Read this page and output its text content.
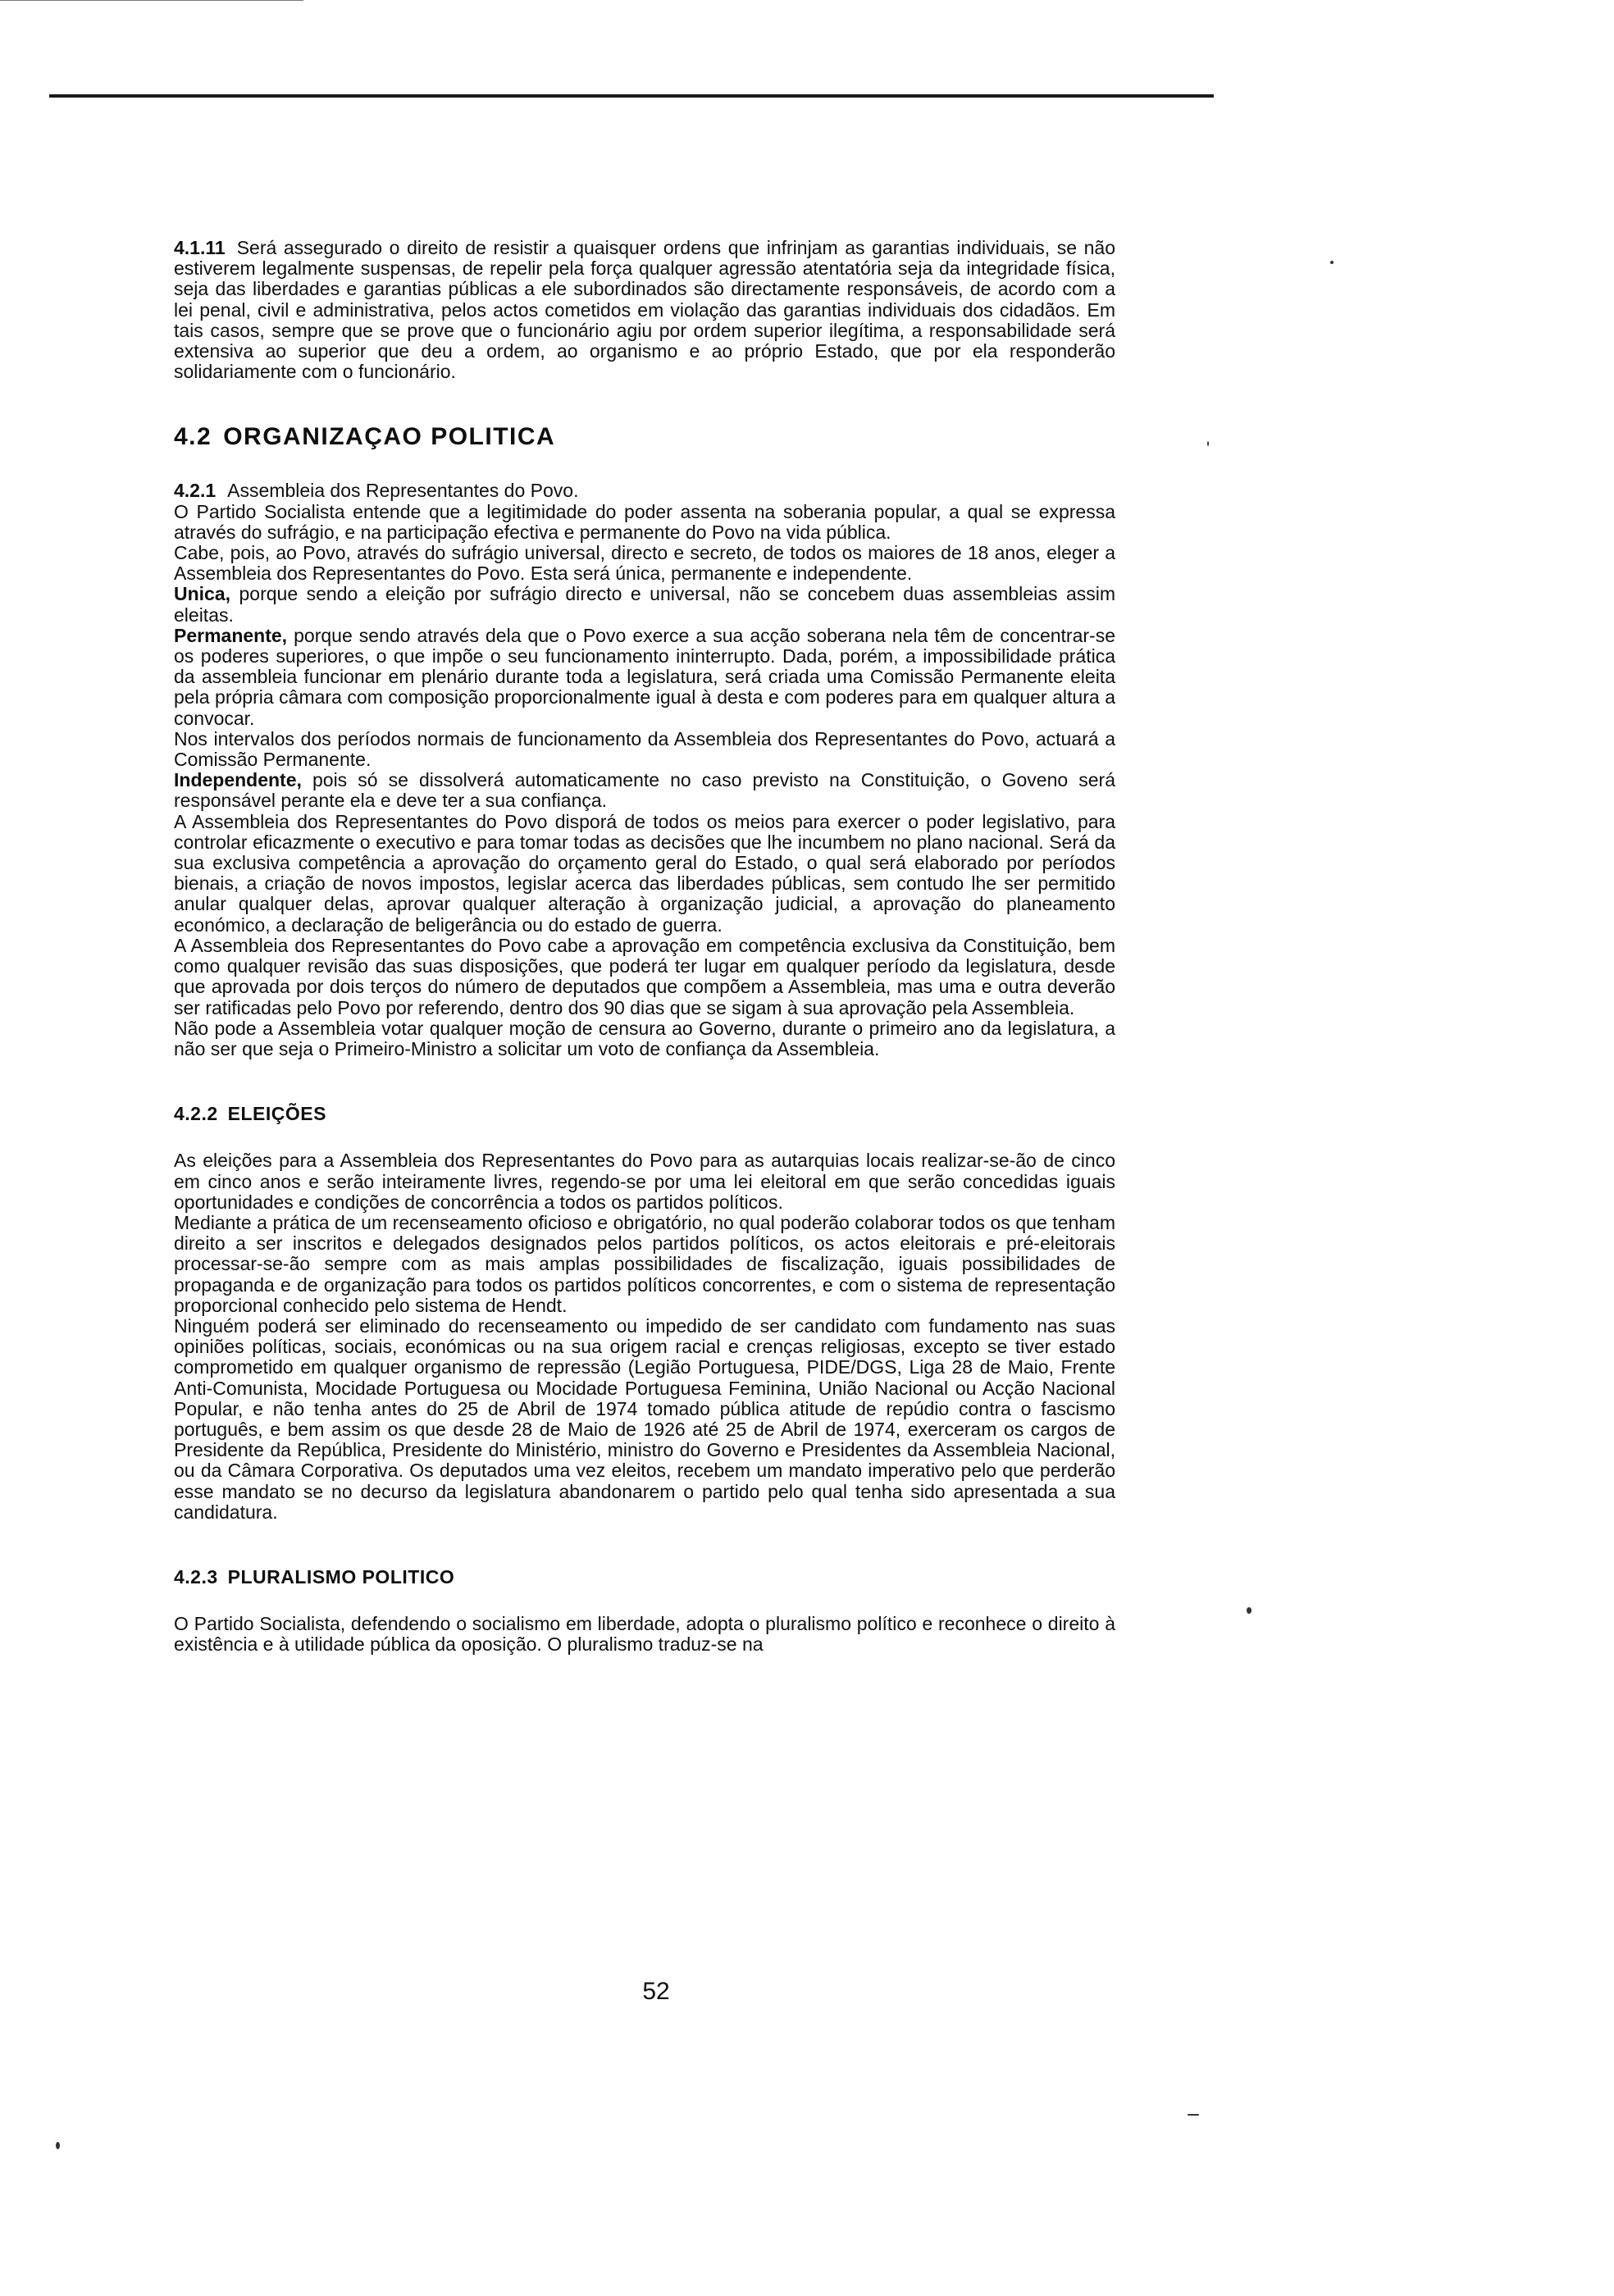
4.1.11 Será assegurado o direito de resistir a quaisquer ordens que infrinjam as garantias individuais, se não estiverem legalmente suspensas, de repelir pela força qualquer agressão atentatória seja da integridade física, seja das liberdades e garantias públicas a ele subordinados são directamente responsáveis, de acordo com a lei penal, civil e administrativa, pelos actos cometidos em violação das garantias individuais dos cidadãos. Em tais casos, sempre que se prove que o funcionário agiu por ordem superior ilegítima, a responsabilidade será extensiva ao superior que deu a ordem, ao organismo e ao próprio Estado, que por ela responderão solidariamente com o funcionário.

4.2 ORGANIZAÇAO POLITICA

4.2.1 Assembleia dos Representantes do Povo.

O Partido Socialista entende que a legitimidade do poder assenta na soberania popular, a qual se expressa através do sufrágio, e na participação efectiva e permanente do Povo na vida pública.

Cabe, pois, ao Povo, através do sufrágio universal, directo e secreto, de todos os maiores de 18 anos, eleger a Assembleia dos Representantes do Povo. Esta será única, permanente e independente.

Unica, porque sendo a eleição por sufrágio directo e universal, não se concebem duas assembleias assim eleitas.

Permanente, porque sendo através dela que o Povo exerce a sua acção soberana nela têm de concentrar-se os poderes superiores, o que impõe o seu funcionamento ininterrupto. Dada, porém, a impossibilidade prática da assembleia funcionar em plenário durante toda a legislatura, será criada uma Comissão Permanente eleita pela própria câmara com composição proporcionalmente igual à desta e com poderes para em qualquer altura a convocar.

Nos intervalos dos períodos normais de funcionamento da Assembleia dos Representantes do Povo, actuará a Comissão Permanente.

Independente, pois só se dissolverá automaticamente no caso previsto na Constituição, o Goveno será responsável perante ela e deve ter a sua confiança.

A Assembleia dos Representantes do Povo disporá de todos os meios para exercer o poder legislativo, para controlar eficazmente o executivo e para tomar todas as decisões que lhe incumbem no plano nacional. Será da sua exclusiva competência a aprovação do orçamento geral do Estado, o qual será elaborado por períodos bienais, a criação de novos impostos, legislar acerca das liberdades públicas, sem contudo lhe ser permitido anular qualquer delas, aprovar qualquer alteração à organização judicial, a aprovação do planeamento económico, a declaração de beligerância ou do estado de guerra.

A Assembleia dos Representantes do Povo cabe a aprovação em competência exclusiva da Constituição, bem como qualquer revisão das suas disposições, que poderá ter lugar em qualquer período da legislatura, desde que aprovada por dois terços do número de deputados que compõem a Assembleia, mas uma e outra deverão ser ratificadas pelo Povo por referendo, dentro dos 90 dias que se sigam à sua aprovação pela Assembleia.

Não pode a Assembleia votar qualquer moção de censura ao Governo, durante o primeiro ano da legislatura, a não ser que seja o Primeiro-Ministro a solicitar um voto de confiança da Assembleia.

4.2.2 ELEIÇÕES

As eleições para a Assembleia dos Representantes do Povo para as autarquias locais realizar-se-ão de cinco em cinco anos e serão inteiramente livres, regendo-se por uma lei eleitoral em que serão concedidas iguais oportunidades e condições de concorrência a todos os partidos políticos.

Mediante a prática de um recenseamento oficioso e obrigatório, no qual poderão colaborar todos os que tenham direito a ser inscritos e delegados designados pelos partidos políticos, os actos eleitorais e pré-eleitorais processar-se-ão sempre com as mais amplas possibilidades de fiscalização, iguais possibilidades de propaganda e de organização para todos os partidos políticos concorrentes, e com o sistema de representação proporcional conhecido pelo sistema de Hendt.

Ninguém poderá ser eliminado do recenseamento ou impedido de ser candidato com fundamento nas suas opiniões políticas, sociais, económicas ou na sua origem racial e crenças religiosas, excepto se tiver estado comprometido em qualquer organismo de repressão (Legião Portuguesa, PIDE/DGS, Liga 28 de Maio, Frente Anti-Comunista, Mocidade Portuguesa ou Mocidade Portuguesa Feminina, União Nacional ou Acção Nacional Popular, e não tenha antes do 25 de Abril de 1974 tomado pública atitude de repúdio contra o fascismo português, e bem assim os que desde 28 de Maio de 1926 até 25 de Abril de 1974, exerceram os cargos de Presidente da República, Presidente do Ministério, ministro do Governo e Presidentes da Assembleia Nacional, ou da Câmara Corporativa. Os deputados uma vez eleitos, recebem um mandato imperativo pelo que perderão esse mandato se no decurso da legislatura abandonarem o partido pelo qual tenha sido apresentada a sua candidatura.

4.2.3 PLURALISMO POLITICO

O Partido Socialista, defendendo o socialismo em liberdade, adopta o pluralismo político e reconhece o direito à existência e à utilidade pública da oposição. O pluralismo traduz-se na

52
